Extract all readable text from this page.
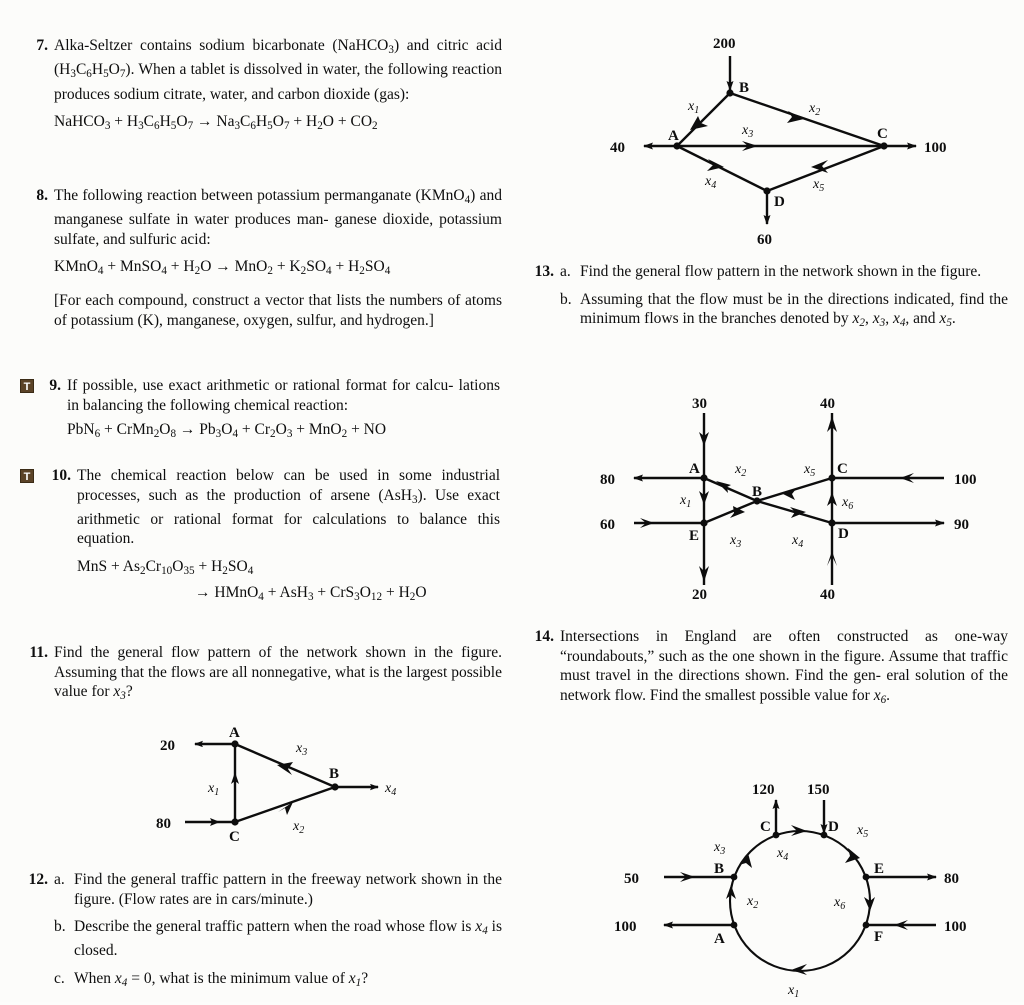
7. Alka-Seltzer contains sodium bicarbonate (NaHCO$_3$) and citric acid $(H_3C_6H_5O_7)$. When a tablet is dissolved in water, the following reaction produces sodium citrate, water, and carbon dioxide (gas):
NaHCO$_3$ + $H_3C_6H_5O_7 \to Na_3C_6H_5O_7 + H_2O + CO_2$
8. The following reaction between potassium permanganate (KMnO$_4$) and manganese sulfate in water produces man- ganese dioxide, potassium sulfate, and sulfuric acid:
KMnO$_4$ + MnSO$_4$ + $H_2O \to MnO_2 + K_2SO_4 + H_2SO_4$
[For each compound, construct a vector that lists the numbers of atoms of potassium (K), manganese, oxygen, sulfur, and hydrogen.]
T	9. If possible, use exact arithmetic or rational format for calcu- lations in balancing the following chemical reaction:
$PbN_6 + CrMn_2O_8 \to Pb_3O_4 + Cr_2O_3 + MnO_2$ + NO
T	10. The chemical reaction below can be used in some industrial processes, such as the production of arsene (AsH$_3$). Use exact arithmetic or rational format for calculations to balance this equation.
MnS + $As_2Cr_{10}O_{35} + H_2SO_4$
→ HMnO$_4$ + $AsH_3 + CrS_3O_{12} + H_2O$
11. Find the general flow pattern of the network shown in the figure. Assuming that the flows are all nonnegative, what is the largest possible value for $x_3$?
A
C
B
20
80
$x_1$
$x_2$
$x_3$
$x_4$
12. a. Find the general traffic pattern in the freeway network shown in the figure. (Flow rates are in cars/minute.)
b. Describe the general traffic pattern when the road whose flow is $x_4$ is closed.
c. When $x_4 = 0$, what is the minimum value of $x_1$?
A
B
C
D
200
40	100
60
$x_1$	$x_2$
$x_3$
$x_4$	$x_5$
13. a. Find the general flow pattern in the network shown in the figure.
b. Assuming that the flow must be in the directions indicated, find the minimum flows in the branches denoted by $x_2$, $x_3$, $x_4$, and $x_5$.
A
E
C
D
B
30	40
80	100
60	90
20	40
$x_1$
$x_2$
$x_3$	$x_4$
$x_5$
$x_6$
14. Intersections in England are often constructed as one-way “roundabouts,” such as the one shown in the figure. Assume that traffic must travel in the directions shown. Find the gen- eral solution of the network flow. Find the smallest possible value for $x_6$.
C	D
B
A
E
F
120 150
50
100
80
100
$x_1$
$x_2$
$x_3$	$x_4$
$x_5$
$x_6$
